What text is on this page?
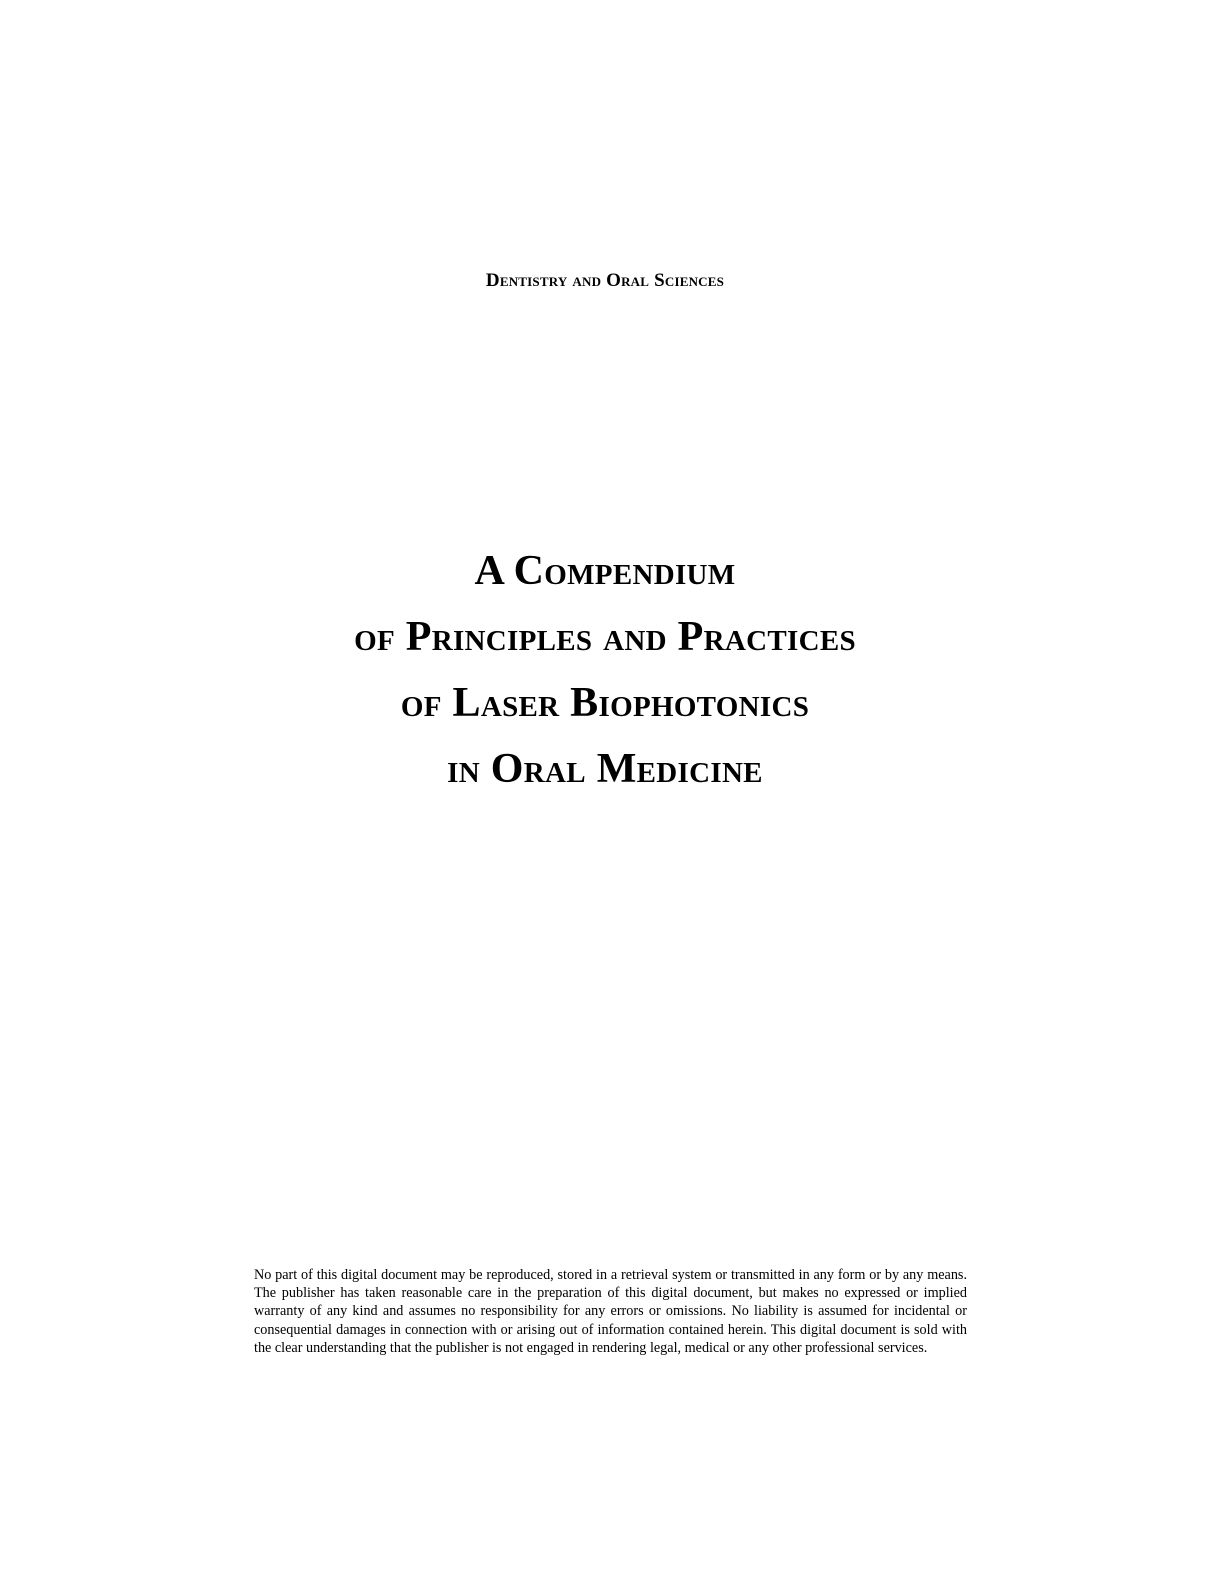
Dentistry and Oral Sciences
A Compendium
of Principles and Practices
of Laser Biophotonics
in Oral Medicine
No part of this digital document may be reproduced, stored in a retrieval system or transmitted in any form or by any means. The publisher has taken reasonable care in the preparation of this digital document, but makes no expressed or implied warranty of any kind and assumes no responsibility for any errors or omissions. No liability is assumed for incidental or consequential damages in connection with or arising out of information contained herein. This digital document is sold with the clear understanding that the publisher is not engaged in rendering legal, medical or any other professional services.
